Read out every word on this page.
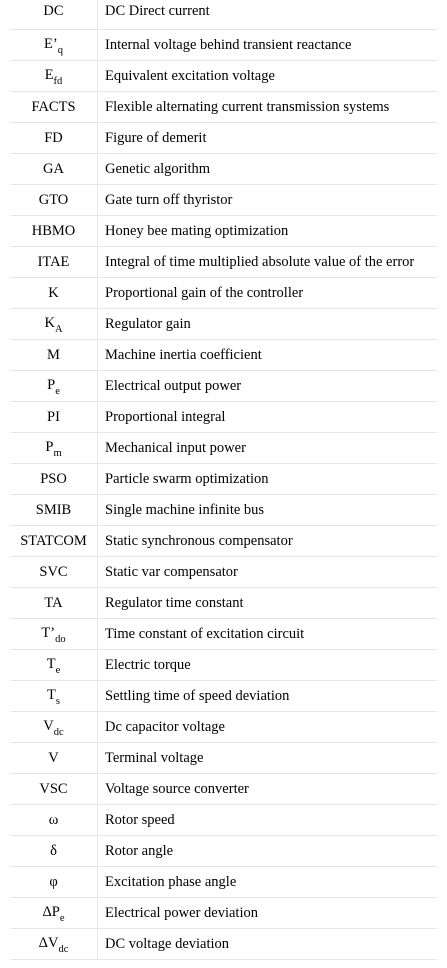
DC	DC Direct current
$E’_q$	Internal voltage behind transient reactance
$E_{fd}$	Equivalent excitation voltage
FACTS	Flexible alternating current transmission systems
FD	Figure of demerit
GA	Genetic algorithm
GTO	Gate turn off thyristor
HBMO	Honey bee mating optimization
ITAE	Integral of time multiplied absolute value of the error
K	Proportional gain of the controller
$K_A$	Regulator gain
M	Machine inertia coefficient
$P_e$	Electrical output power
PI	Proportional integral
$P_m$	Mechanical input power
PSO	Particle swarm optimization
SMIB	Single machine infinite bus
STATCOM	Static synchronous compensator
SVC	Static var compensator
TA	Regulator time constant
$T’_{do}$	Time constant of excitation circuit
$T_e$	Electric torque
$T_s$	Settling time of speed deviation
$V_{dc}$	Dc capacitor voltage
V	Terminal voltage
VSC	Voltage source converter
ω	Rotor speed
δ	Rotor angle
φ	Excitation phase angle
$\Delta P_e$	Electrical power deviation
$\Delta V_{dc}$	DC voltage deviation
